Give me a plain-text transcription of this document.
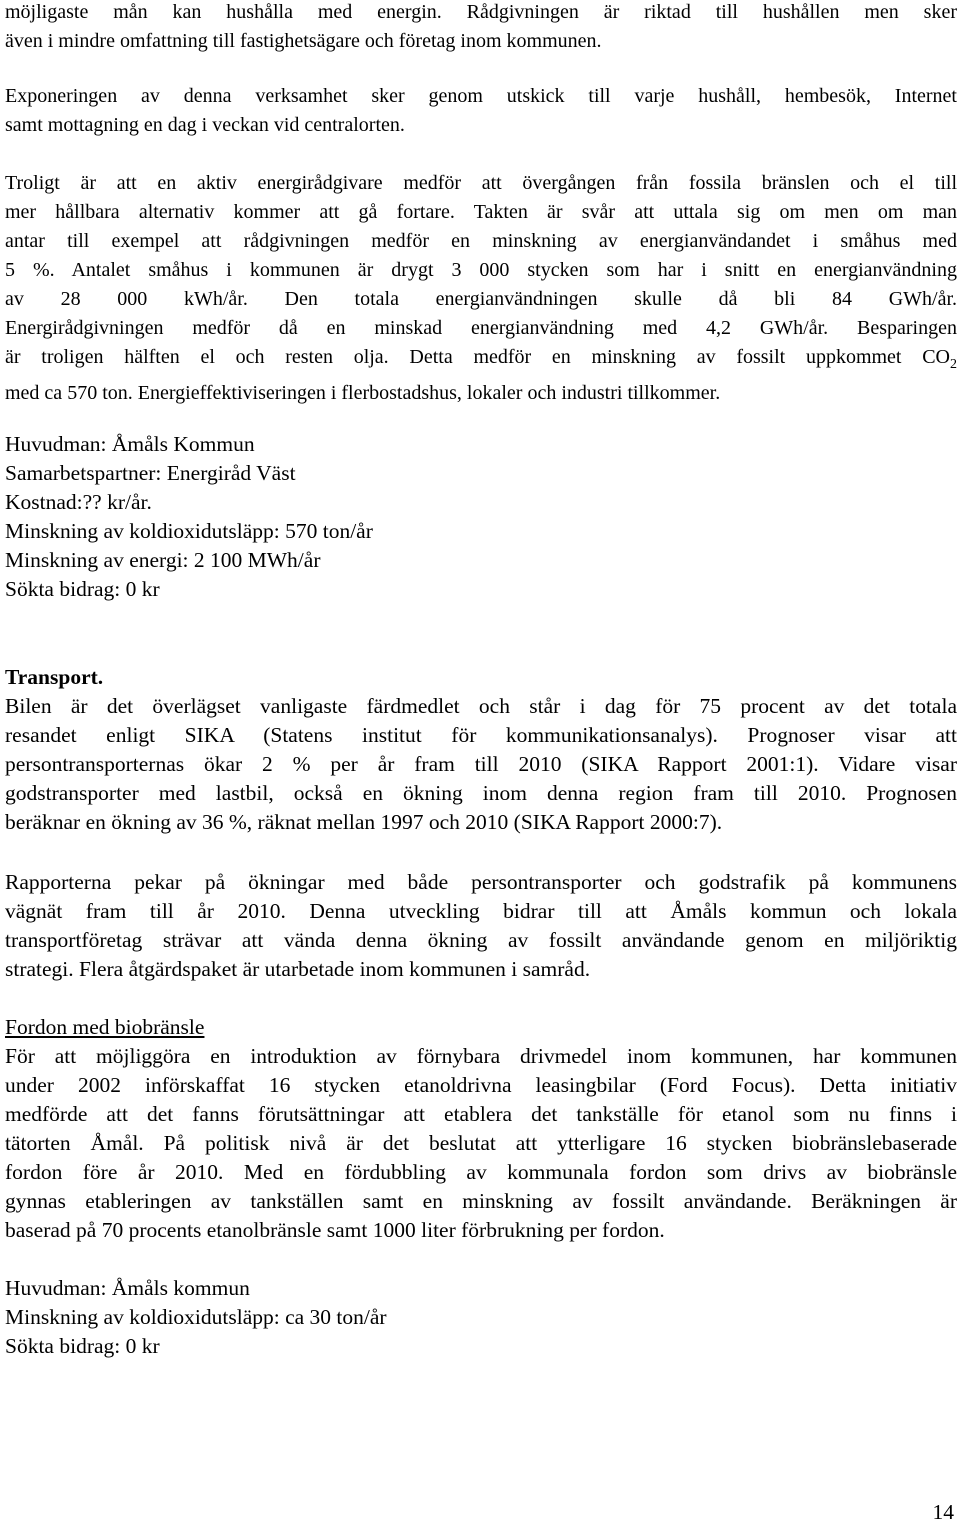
möjligaste mån kan hushålla med energin. Rådgivningen är riktad till hushållen men sker
även i mindre omfattning till fastighetsägare och företag inom kommunen.
Exponeringen av denna verksamhet sker genom utskick till varje hushåll, hembesök, Internet
samt mottagning en dag i veckan vid centralorten.
Troligt är att en aktiv energirådgivare medför att övergången från fossila bränslen och el till
mer hållbara alternativ kommer att gå fortare. Takten är svår att uttala sig om men om man
antar till exempel att rådgivningen medför en minskning av energianvändandet i småhus med
5 %. Antalet småhus i kommunen är drygt 3 000 stycken som har i snitt en energianvändning
av 28 000 kWh/år. Den totala energianvändningen skulle då bli 84 GWh/år.
Energirådgivningen medför då en minskad energianvändning med 4,2 GWh/år. Besparingen
är troligen hälften el och resten olja. Detta medför en minskning av fossilt uppkommet $CO_2$
med ca 570 ton. Energieffektiviseringen i flerbostadshus, lokaler och industri tillkommer.
Huvudman: Åmåls Kommun
Samarbetspartner: Energiråd Väst
Kostnad:?? kr/år.
Minskning av koldioxidutsläpp: 570 ton/år
Minskning av energi: 2 100 MWh/år
Sökta bidrag: 0 kr
Transport.
Bilen är det överlägset vanligaste färdmedlet och står i dag för 75 procent av det totala
resandet enligt SIKA (Statens institut för kommunikationsanalys). Prognoser visar att
persontransporternas ökar 2 % per år fram till 2010 (SIKA Rapport 2001:1). Vidare visar
godstransporter med lastbil, också en ökning inom denna region fram till 2010. Prognosen
beräknar en ökning av 36 %, räknat mellan 1997 och 2010 (SIKA Rapport 2000:7).
Rapporterna pekar på ökningar med både persontransporter och godstrafik på kommunens
vägnät fram till år 2010. Denna utveckling bidrar till att Åmåls kommun och lokala
transportföretag strävar att vända denna ökning av fossilt användande genom en miljöriktig
strategi. Flera åtgärdspaket är utarbetade inom kommunen i samråd.
Fordon med biobränsle
För att möjliggöra en introduktion av förnybara drivmedel inom kommunen, har kommunen
under 2002 införskaffat 16 stycken etanoldrivna leasingbilar (Ford Focus). Detta initiativ
medförde att det fanns förutsättningar att etablera det tankställe för etanol som nu finns i
tätorten Åmål. På politisk nivå är det beslutat att ytterligare 16 stycken biobränslebaserade
fordon före år 2010. Med en fördubbling av kommunala fordon som drivs av biobränsle
gynnas etableringen av tankställen samt en minskning av fossilt användande. Beräkningen är
baserad på 70 procents etanolbränsle samt 1000 liter förbrukning per fordon.
Huvudman: Åmåls kommun
Minskning av koldioxidutsläpp: ca 30 ton/år
Sökta bidrag: 0 kr
14
